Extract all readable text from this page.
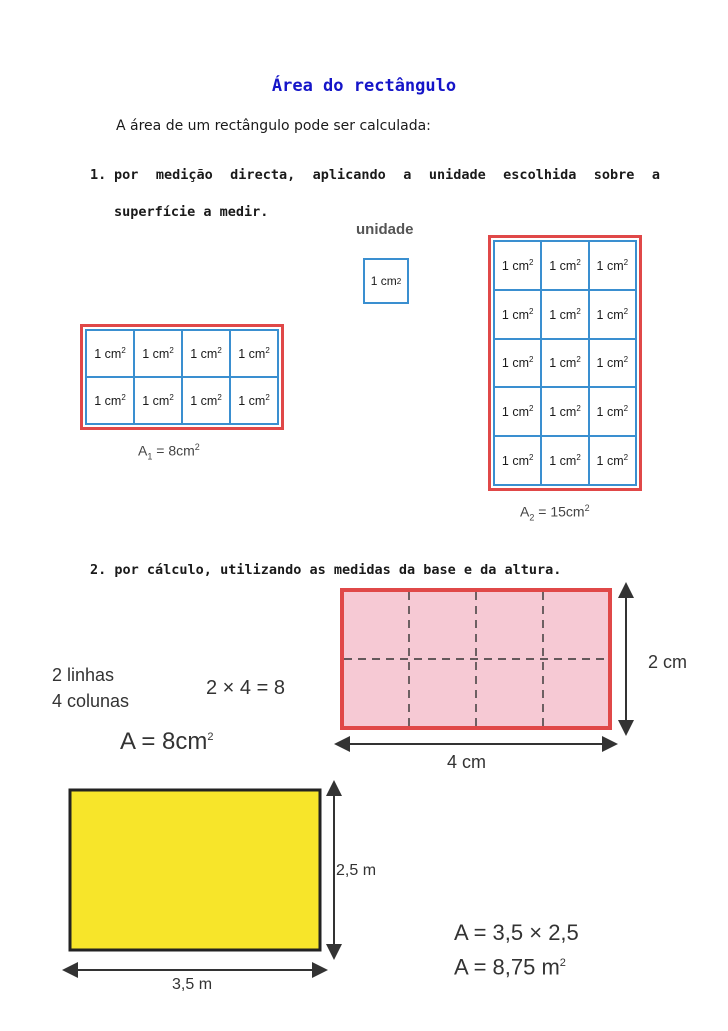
Área do rectângulo
A área de um rectângulo pode ser calculada:
1. por medição directa, aplicando a unidade escolhida sobre a superfície a medir.
unidade
1 cm 2
1 $cm^2$	1 $cm^2$	1 $cm^2$	1 $cm^2$
1 $cm^2$	1 $cm^2$	1 $cm^2$	1 $cm^2$
$A_1 = 8cm^2$
1 $cm^2$	1 $cm^2$	1 $cm^2$
1 $cm^2$	1 $cm^2$	1 $cm^2$
1 $cm^2$	1 $cm^2$	1 $cm^2$
1 $cm^2$	1 $cm^2$	1 $cm^2$
1 $cm^2$	1 $cm^2$	1 $cm^2$
$A_2 = 15cm^2$
2. por cálculo, utilizando as medidas da base e da altura.
2 linhas
4 colunas
2 × 4 = 8
$A = 8cm^2$
2 cm
4 cm
2,5 m
3,5 m
A = 3,5 × 2,5
A = 8,75 $m^2$
